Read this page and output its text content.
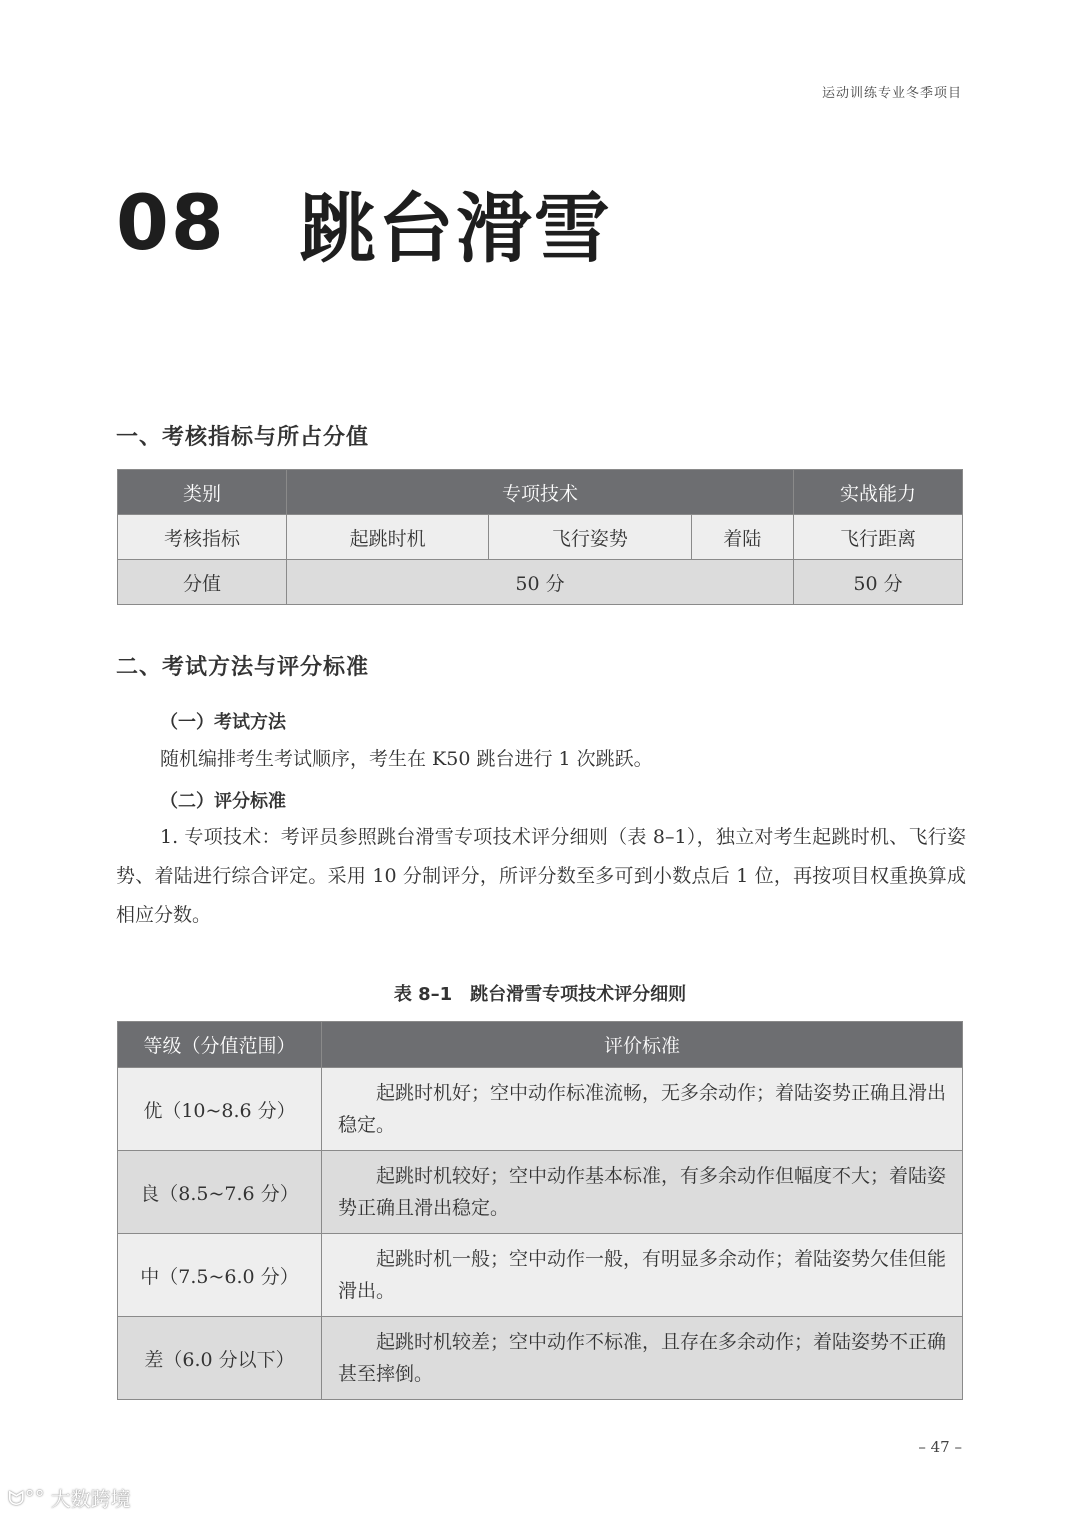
运动训练专业冬季项目
08 跳台滑雪
一、考核指标与所占分值
类别	专项技术			实战能力
考核指标	起跳时机	飞行姿势	着陆	飞行距离
分值	50 分			50 分
二、考试方法与评分标准
（一）考试方法
随机编排考生考试顺序，考生在 K50 跳台进行 1 次跳跃。
（二）评分标准
1. 专项技术：考评员参照跳台滑雪专项技术评分细则（表 8–1），独立对考生起跳时机、飞行姿势、着陆进行综合评定。采用 10 分制评分，所评分数至多可到小数点后 1 位，再按项目权重换算成相应分数。
表 8–1　跳台滑雪专项技术评分细则
等级（分值范围）	评价标准
优（10~8.6 分）	起跳时机好；空中动作标准流畅，无多余动作；着陆姿势正确且滑出稳定。

良（8.5~7.6 分）	起跳时机较好；空中动作基本标准，有多余动作但幅度不大；着陆姿势正确且滑出稳定。

中（7.5~6.0 分）	起跳时机一般；空中动作一般，有明显多余动作；着陆姿势欠佳但能滑出。

差（6.0 分以下）	起跳时机较差；空中动作不标准，且存在多余动作；着陆姿势不正确甚至摔倒。
– 47 –
ᗢ°° 大数跨境
